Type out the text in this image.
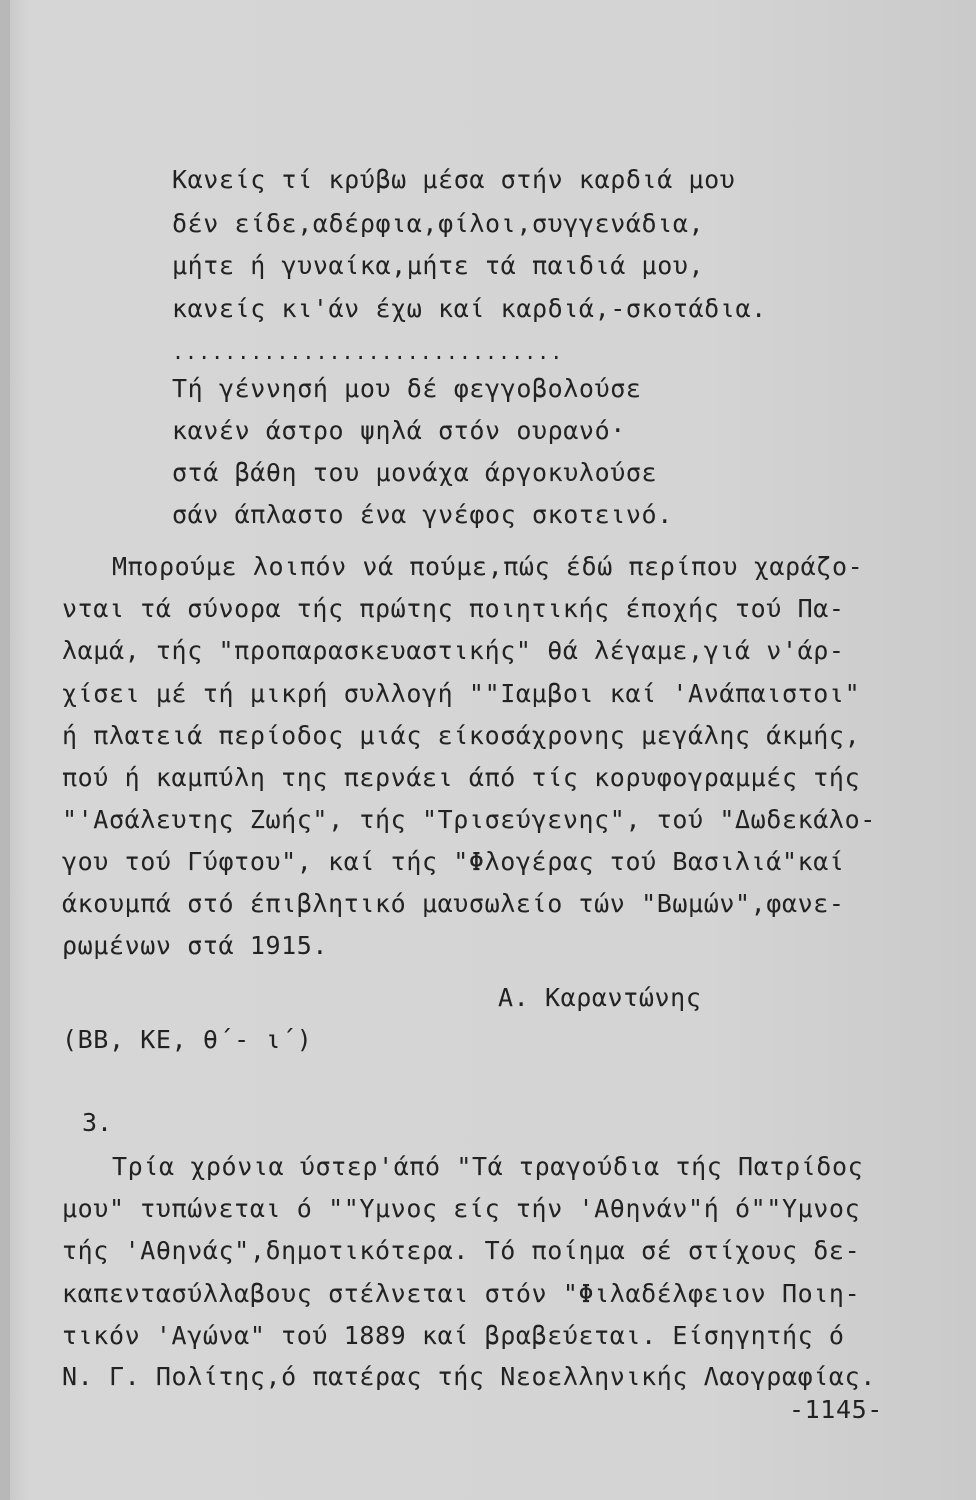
Κανείς τί κρύβω μέσα στήν καρδιά μου
δέν είδε,αδέρφια,φίλοι,συγγενάδια,
μήτε ή γυναίκα,μήτε τά παιδιά μου,
κανείς κι'άν έχω καί καρδιά,-σκοτάδια.
..............................
Τή γέννησή μου δέ φεγγοβολούσε
κανέν άστρο ψηλά στόν ουρανό·
στά βάθη του μονάχα άργοκυλούσε
σάν άπλαστο ένα γνέφος σκοτεινό.
Μπορούμε λοιπόν νά πούμε,πώς έδώ περίπου χαράζο-
νται τά σύνορα τής πρώτης ποιητικής έποχής τού Πα-
λαμά, τής "προπαρασκευαστικής" θά λέγαμε,γιά ν'άρ-
χίσει μέ τή μικρή συλλογή ""Ιαμβοι καί 'Ανάπαιστοι"
ή πλατειά περίοδος μιάς είκοσάχρονης μεγάλης άκμής,
πού ή καμπύλη της περνάει άπό τίς κορυφογραμμές τής
"'Ασάλευτης Ζωής", τής "Τρισεύγενης", τού "Δωδεκάλο-
γου τού Γύφτου", καί τής "Φλογέρας τού Βασιλιά"καί
άκουμπά στό έπιβλητικό μαυσωλείο τών "Βωμών",φανε-
ρωμένων στά 1915.
Α. Καραντώνης
(ΒΒ, ΚΕ, θ΄- ι΄)
3.
Τρία χρόνια ύστερ'άπό "Τά τραγούδια τής Πατρίδος
μου" τυπώνεται ό ""Υμνος είς τήν 'Αθηνάν"ή ό""Υμνος
τής 'Αθηνάς",δημοτικότερα. Τό ποίημα σέ στίχους δε-
καπεντασύλλαβους στέλνεται στόν "Φιλαδέλφειον Ποιη-
τικόν 'Αγώνα" τού 1889 καί βραβεύεται. Είσηγητής ό
Ν. Γ. Πολίτης,ό πατέρας τής Νεοελληνικής Λαογραφίας.
-1145-
